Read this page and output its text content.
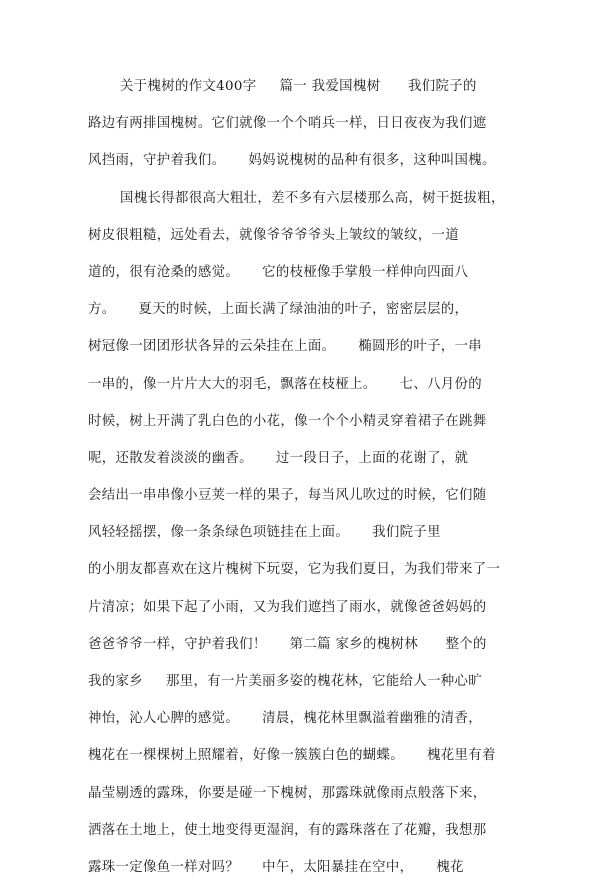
关于槐树的作文400字     篇一 我爱国槐树      我们院子的
路边有两排国槐树。它们就像一个个哨兵一样，日日夜夜为我们遮
风挡雨，守护着我们。     妈妈说槐树的品种有很多，这种叫国槐。
国槐长得都很高大粗壮，差不多有六层楼那么高，树干挺拔粗，
树皮很粗糙，远处看去，就像爷爷爷爷头上皱纹的皱纹，一道
道的，很有沧桑的感觉。     它的枝桠像手掌般一样伸向四面八
方。     夏天的时候，上面长满了绿油油的叶子，密密层层的，
树冠像一团团形状各异的云朵挂在上面。     椭圆形的叶子，一串
一串的，像一片片大大的羽毛，飘落在枝桠上。     七、八月份的
时候，树上开满了乳白色的小花，像一个个小精灵穿着裙子在跳舞
呢，还散发着淡淡的幽香。     过一段日子，上面的花谢了，就
会结出一串串像小豆荚一样的果子，每当风儿吹过的时候，它们随
风轻轻摇摆，像一条条绿色项链挂在上面。     我们院子里
的小朋友都喜欢在这片槐树下玩耍，它为我们夏日，为我们带来了一
片清凉；如果下起了小雨，又为我们遮挡了雨水，就像爸爸妈妈的
爸爸爷爷一样，守护着我们！     第二篇 家乡的槐树林      整个的
我的家乡     那里，有一片美丽多姿的槐花林，它能给人一种心旷
神怡，沁人心脾的感觉。     清晨，槐花林里飘溢着幽雅的清香，
槐花在一棵棵树上照耀着，好像一簇簇白色的蝴蝶。     槐花里有着
晶莹剔透的露珠，你要是碰一下槐树，那露珠就像雨点般落下来，
洒落在土地上，使土地变得更湿润，有的露珠落在了花瓣，我想那
露珠一定像鱼一样对吗？     中午，太阳暴挂在空中，     槐花
